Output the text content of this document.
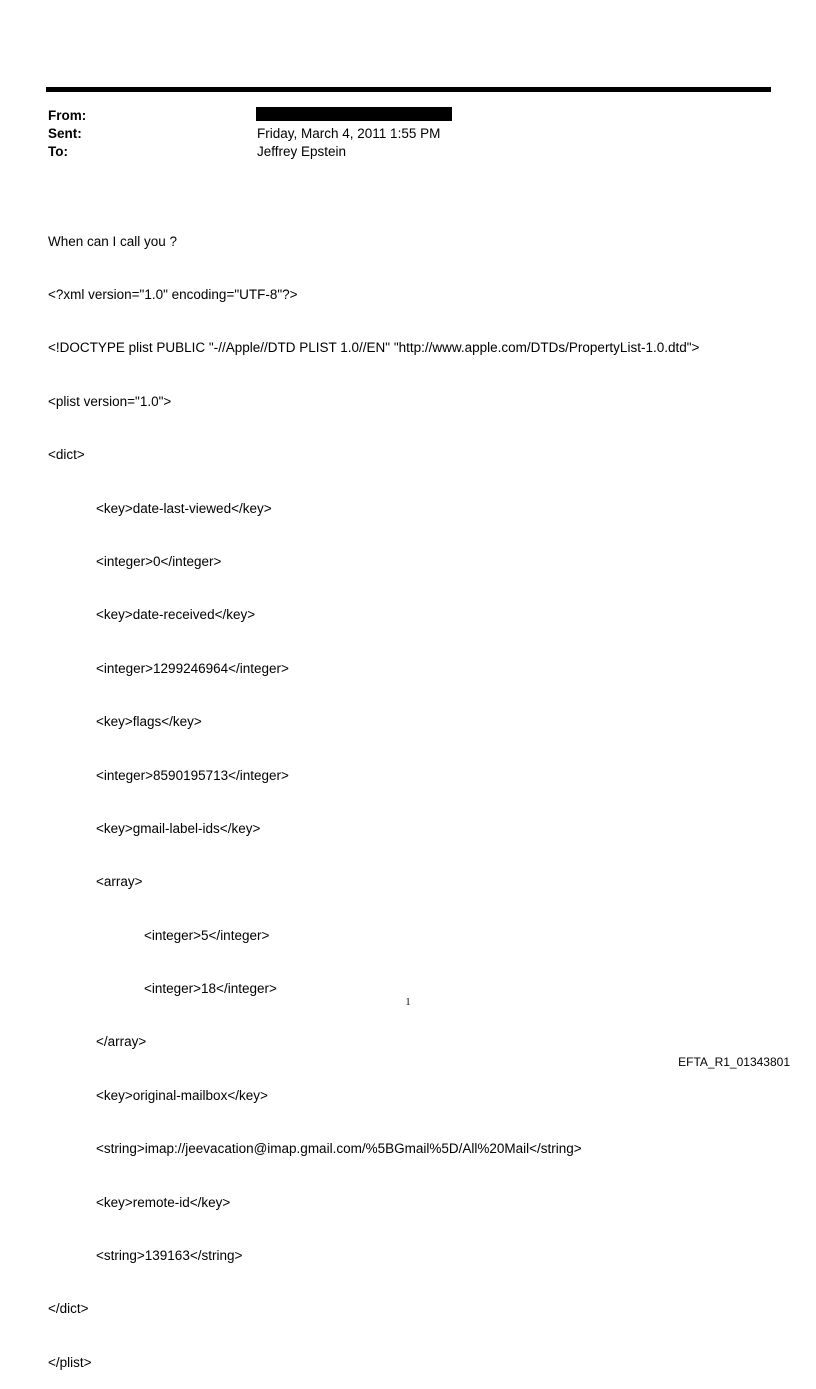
From:
Sent:	Friday, March 4, 2011 1:55 PM
To:	Jeffrey Epstein

When can I call you ?

<?xml version="1.0" encoding="UTF-8"?>

<!DOCTYPE plist PUBLIC "-//Apple//DTD PLIST 1.0//EN" "http://www.apple.com/DTDs/PropertyList-1.0.dtd">

<plist version="1.0">

<dict>

<key>date-last-viewed</key>

<integer>0</integer>

<key>date-received</key>

<integer>1299246964</integer>

<key>flags</key>

<integer>8590195713</integer>

<key>gmail-label-ids</key>

<array>

<integer>5</integer>

<integer>18</integer>

</array>

<key>original-mailbox</key>

<string>imap://jeevacation@imap.gmail.com/%5BGmail%5D/All%20Mail</string>

<key>remote-id</key>

<string>139163</string>

</dict>

</plist>

1
EFTA_R1_01343801
